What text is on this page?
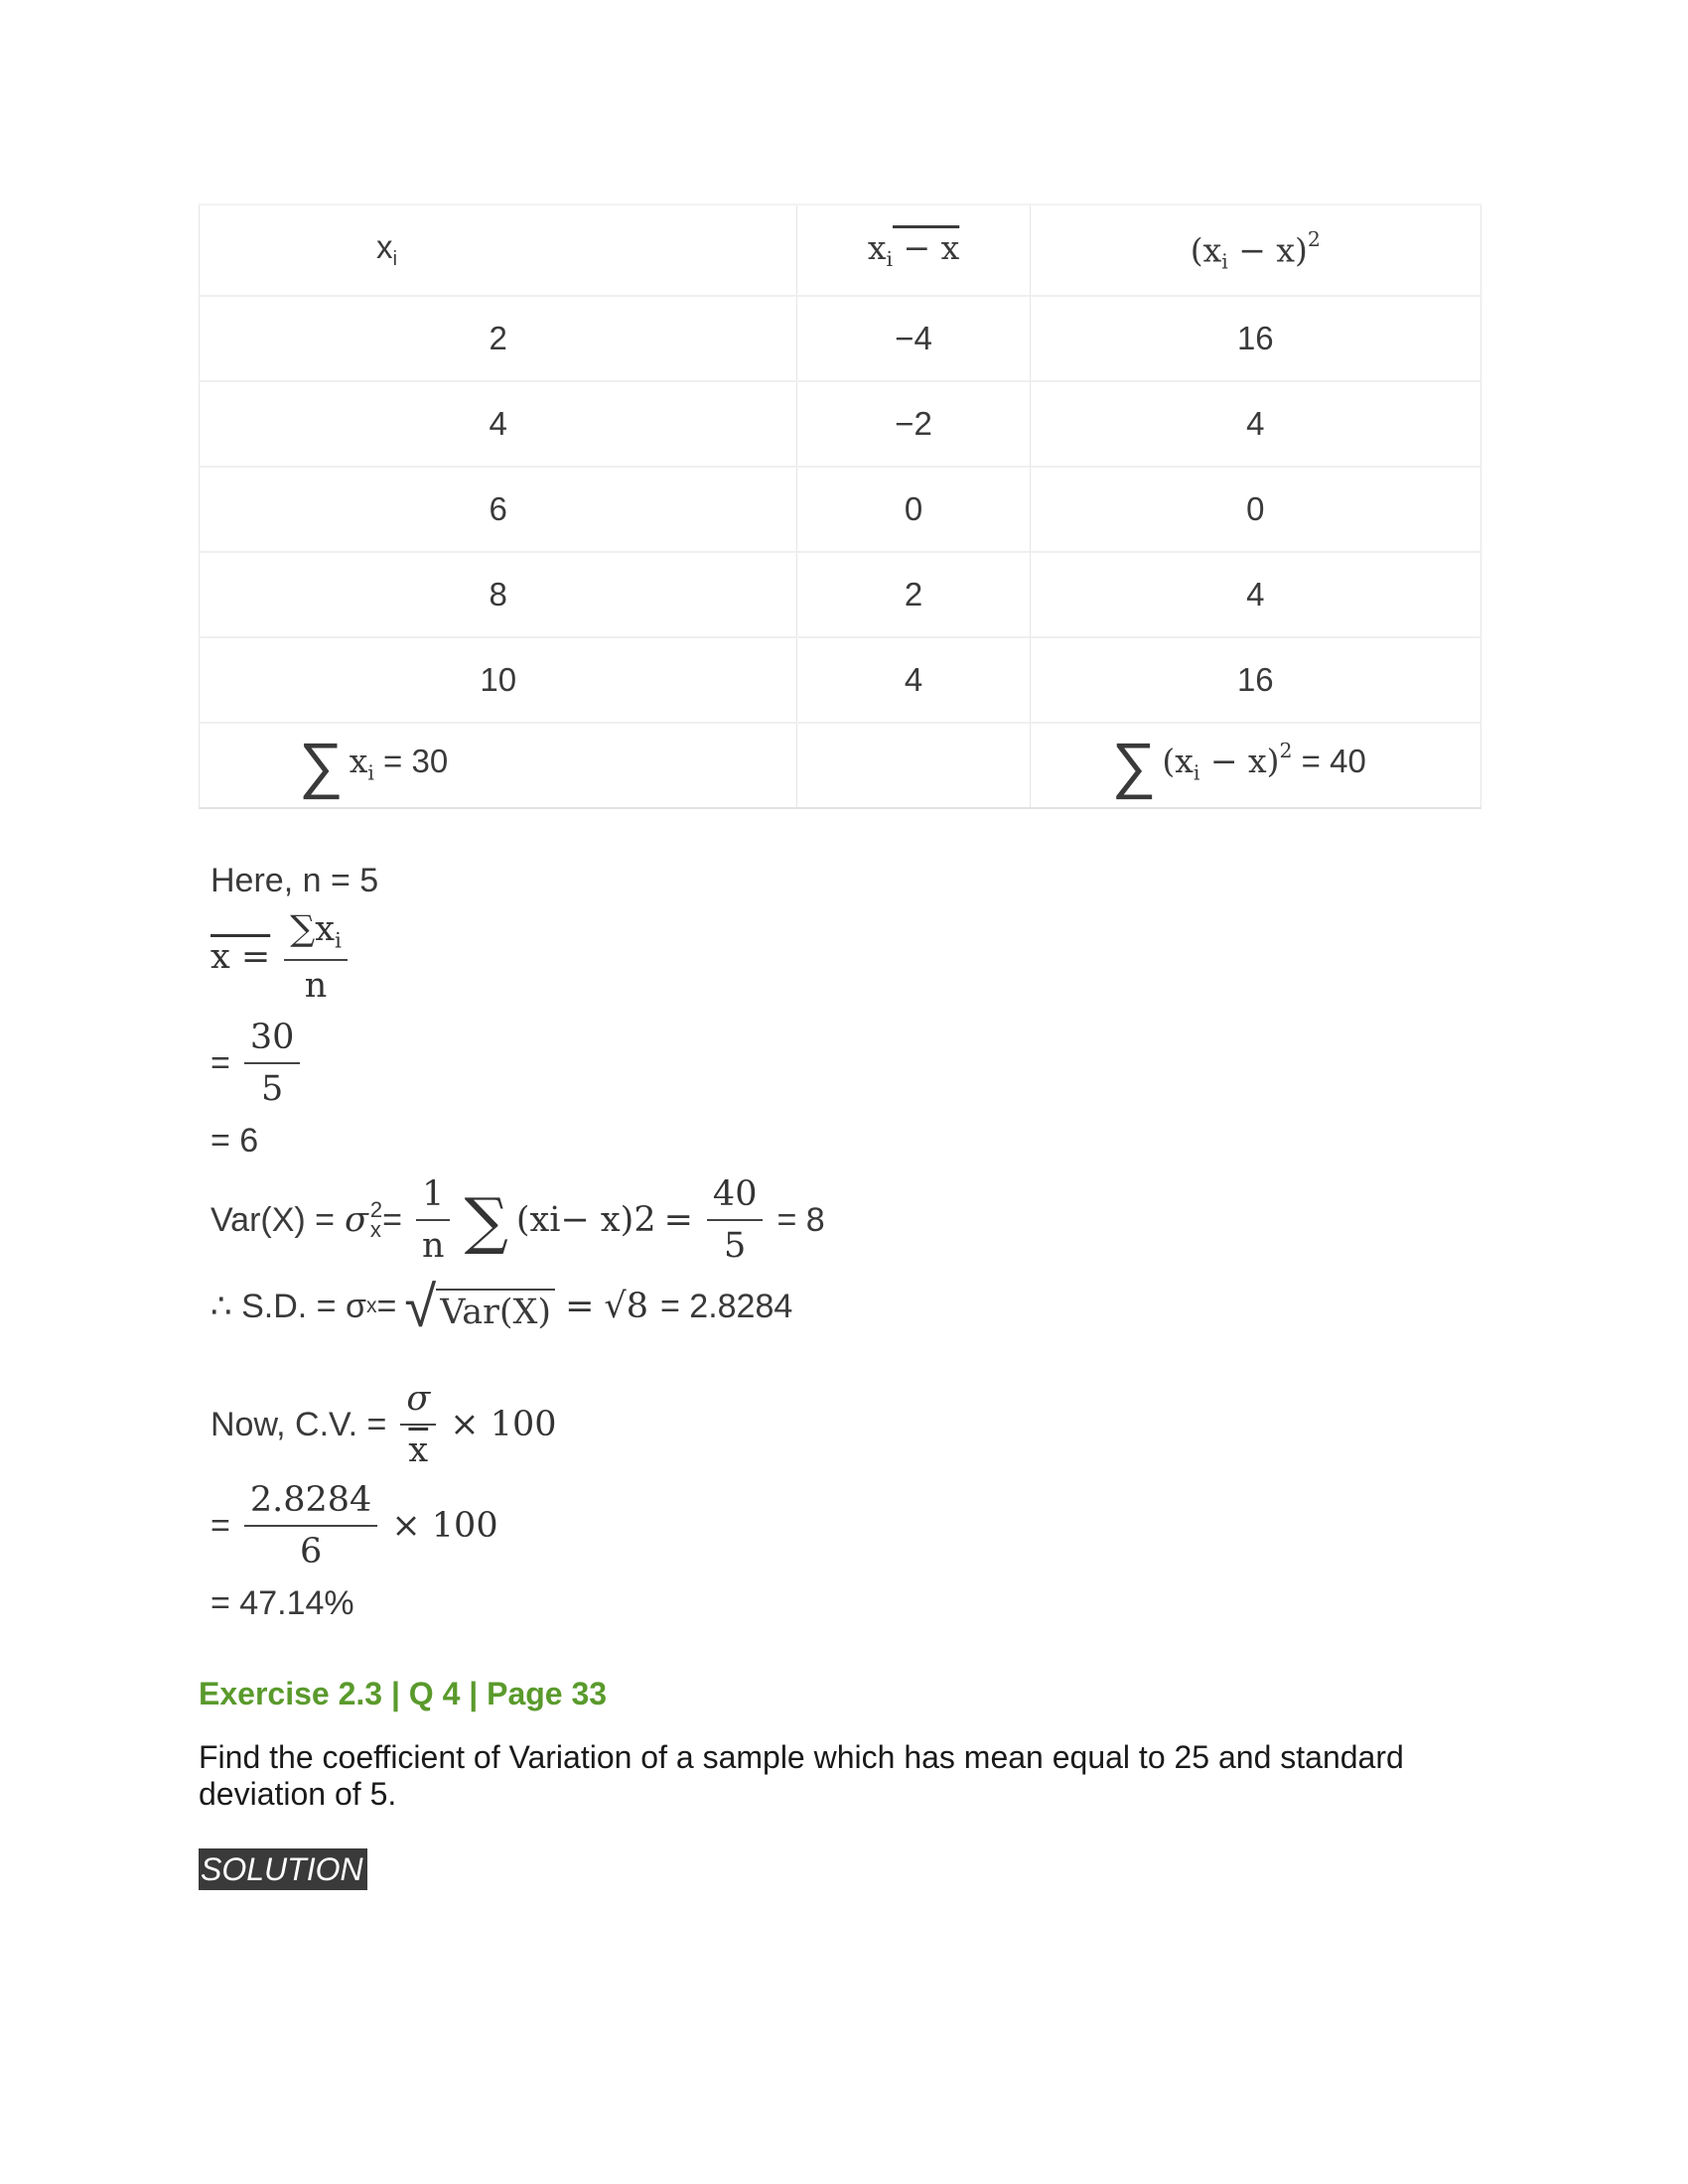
$x_i$	$x_i - x$	$(x_i - x)^2$
2	−4	16
4	−2	4
6	0	0
8	2	4
10	4	16
∑ $x_i = 30$		∑ $(x_i - x)^2 = 40$
Here, n = 5
$x = \frac{\sum x_i}{n}$
= $\frac{30}{5}$
= 6
Var(X) = σ 2
$x = \frac{1}{n}$ ∑ (x i − x) $2 = \frac{40}{5} = 8$
∴ S.D. = σ x = √ Var(X) = √8 = 2.8284
Now, C.V. = $\frac{\sigma}{x} \times 100$
= $\frac{2.8284}{6} \times 100$
= 47.14%
Exercise 2.3 | Q 4 | Page 33
Find the coefficient of Variation of a sample which has mean equal to 25 and standard deviation of 5.
SOLUTION
